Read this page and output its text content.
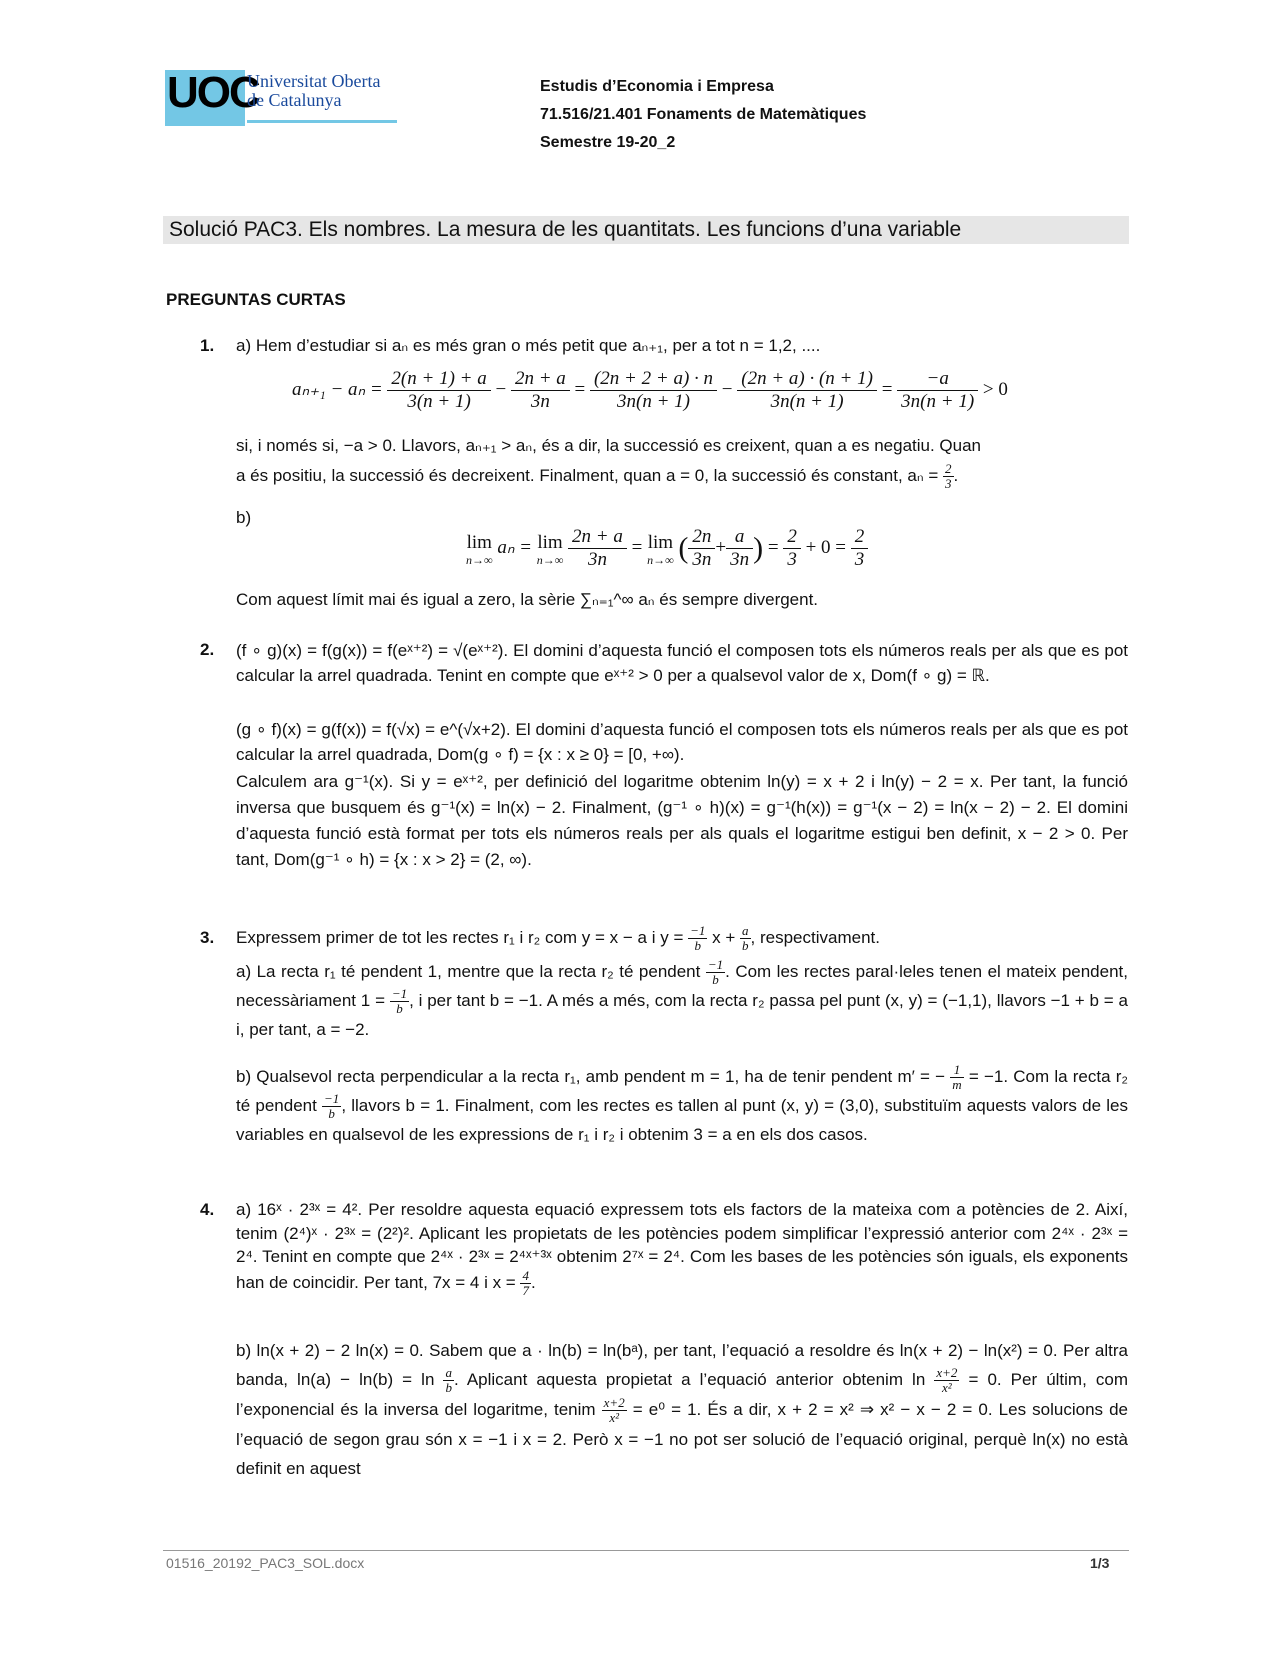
UOC
Universitat Oberta
de Catalunya
Estudis d’Economia i Empresa
71.516/21.401 Fonaments de Matemàtiques
Semestre 19-20_2
Solució PAC3. Els nombres. La mesura de les quantitats. Les funcions d’una variable
PREGUNTAS CURTAS
1. a) Hem d’estudiar si aₙ es més gran o més petit que aₙ₊₁, per a tot n = 1,2, ....
$a_{n+1} - a_n = \frac{2(n + 1) + a}{3(n + 1)} - \frac{2n + a}{3n} = \frac{(2n + 2 + a) \cdot n}{3n(n + 1)} - \frac{(2n + a) \cdot (n + 1)}{3n(n + 1)} = \frac{-a}{3n(n + 1)} > 0$
si, i només si, −a > 0. Llavors, aₙ₊₁ > aₙ, és a dir, la successió es creixent, quan a es negatiu. Quan
a és positiu, la successió és decreixent. Finalment, quan a = 0, la successió és constant, $a_n = \frac{2}{3}$ .
b)
lim
n→∞
aₙ = lim
n→∞
$\frac{2n + a}{3n} = \lim$
n→∞ ( $\frac{2n}{3n} + \frac{a}{3n}$ ) = $\frac{2}{3} + 0 = \frac{2}{3}$
Com aquest límit mai és igual a zero, la sèrie ∑ₙ₌₁^∞ aₙ és sempre divergent.
2. (f ∘ g)(x) = f(g(x)) = f(eˣ⁺²) = √(eˣ⁺²). El domini d’aquesta funció el composen tots els números reals per als que es pot calcular la arrel quadrada. Tenint en compte que eˣ⁺² > 0 per a qualsevol valor de x, Dom(f ∘ g) = ℝ.
(g ∘ f)(x) = g(f(x)) = f(√x) = e^(√x+2). El domini d’aquesta funció el composen tots els números reals per als que es pot calcular la arrel quadrada, Dom(g ∘ f) = {x : x ≥ 0} = [0, +∞).
Calculem ara g⁻¹(x). Si y = eˣ⁺², per definició del logaritme obtenim ln(y) = x + 2 i ln(y) − 2 = x. Per tant, la funció inversa que busquem és g⁻¹(x) = ln(x) − 2. Finalment, (g⁻¹ ∘ h)(x) = g⁻¹(h(x)) = g⁻¹(x − 2) = ln(x − 2) − 2. El domini d’aquesta funció està format per tots els números reals per als quals el logaritme estigui ben definit, x − 2 > 0. Per tant, Dom(g⁻¹ ∘ h) = {x : x > 2} = (2, ∞).
3. Expressem primer de tot les rectes r₁ i r₂ com y = x − a i $y = \frac{-1}{b}$ $x + \frac{a}{b}$ , respectivament.
a) La recta r₁ té pendent 1, mentre que la recta r₂ té pendent $\frac{-1}{b}$ . Com les rectes paral·leles tenen el mateix pendent, necessàriament $1 = \frac{-1}{b}$ , i per tant b = −1. A més a més, com la recta r₂ passa pel punt (x, y) = (−1,1), llavors −1 + b = a i, per tant, a = −2.
b) Qualsevol recta perpendicular a la recta r₁, amb pendent m = 1, ha de tenir pendent m′ = − $\frac{1}{m} = -1$. Com la recta r₂ té pendent $\frac{-1}{b}$ , llavors b = 1. Finalment, com les rectes es tallen al punt (x, y) = (3,0), substituïm aquests valors de les variables en qualsevol de les expressions de r₁ i r₂ i obtenim 3 = a en els dos casos.
4. a) 16ˣ · 2³ˣ = 4². Per resoldre aquesta equació expressem tots els factors de la mateixa com a potències de 2. Així, tenim (2⁴)ˣ · 2³ˣ = (2²)². Aplicant les propietats de les potències podem simplificar l’expressió anterior com 2⁴ˣ · 2³ˣ = 2⁴. Tenint en compte que 2⁴ˣ · 2³ˣ = 2⁴ˣ⁺³ˣ obtenim 2⁷ˣ = 2⁴. Com les bases de les potències són iguals, els exponents han de coincidir. Per tant, 7x = 4 i $x = \frac{4}{7}$ .
b) ln(x + 2) − 2 ln(x) = 0. Sabem que a · ln(b) = ln(bᵃ), per tant, l’equació a resoldre és ln(x + 2) − ln(x²) = 0. Per altra banda, $\ln(a) - \ln(b) = \ln \frac{a}{b}$ . Aplicant aquesta propietat a l’equació anterior obtenim $\ln \frac{x+2}{\text{x²}} = 0$. Per últim, com l’exponencial és la inversa del logaritme, tenim $\frac{x+2}{\text{x²}} = e^0 = 1$. És a dir, x + 2 = x² ⇒ x² − x − 2 = 0. Les solucions de l’equació de segon grau són x = −1 i x = 2. Però x = −1 no pot ser solució de l’equació original, perquè ln(x) no està definit en aquest
01516_20192_PAC3_SOL.docx	1/3
